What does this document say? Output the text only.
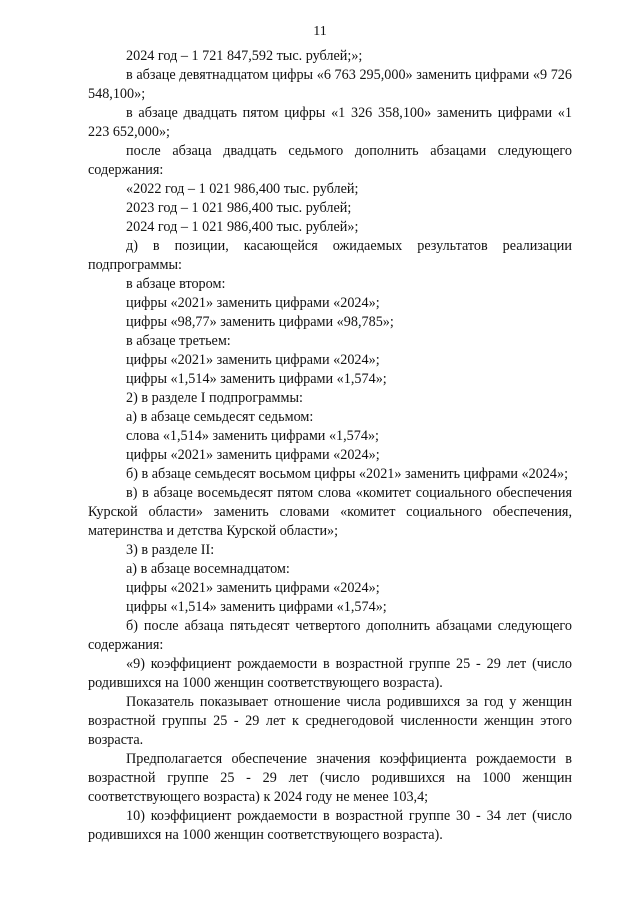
11
2024 год – 1 721 847,592 тыс. рублей;»;
в абзаце девятнадцатом цифры «6 763 295,000» заменить цифрами «9 726 548,100»;
в абзаце двадцать пятом цифры «1 326 358,100» заменить цифрами «1 223 652,000»;
после абзаца двадцать седьмого дополнить абзацами следующего содержания:
«2022 год – 1 021 986,400 тыс. рублей;
2023 год – 1 021 986,400 тыс. рублей;
2024 год – 1 021 986,400 тыс. рублей»;
д) в позиции, касающейся ожидаемых результатов реализации подпрограммы:
в абзаце втором:
цифры «2021» заменить цифрами «2024»;
цифры «98,77» заменить цифрами «98,785»;
в абзаце третьем:
цифры «2021» заменить цифрами «2024»;
цифры «1,514» заменить цифрами «1,574»;
2) в разделе I подпрограммы:
а) в абзаце семьдесят седьмом:
слова «1,514» заменить цифрами «1,574»;
цифры «2021» заменить цифрами «2024»;
б) в абзаце семьдесят восьмом цифры «2021» заменить цифрами «2024»;
в) в абзаце восемьдесят пятом слова «комитет социального обеспечения Курской области» заменить словами «комитет социального обеспечения, материнства и детства Курской области»;
3) в разделе II:
а) в абзаце восемнадцатом:
цифры «2021» заменить цифрами «2024»;
цифры «1,514» заменить цифрами «1,574»;
б) после абзаца пятьдесят четвертого дополнить абзацами следующего содержания:
«9) коэффициент рождаемости в возрастной группе 25 - 29 лет (число родившихся на 1000 женщин соответствующего возраста).
Показатель показывает отношение числа родившихся за год у женщин возрастной группы 25 - 29 лет к среднегодовой численности женщин этого возраста.
Предполагается обеспечение значения коэффициента рождаемости в возрастной группе 25 - 29 лет (число родившихся на 1000 женщин соответствующего возраста) к 2024 году не менее 103,4;
10) коэффициент рождаемости в возрастной группе 30 - 34 лет (число родившихся на 1000 женщин соответствующего возраста).
